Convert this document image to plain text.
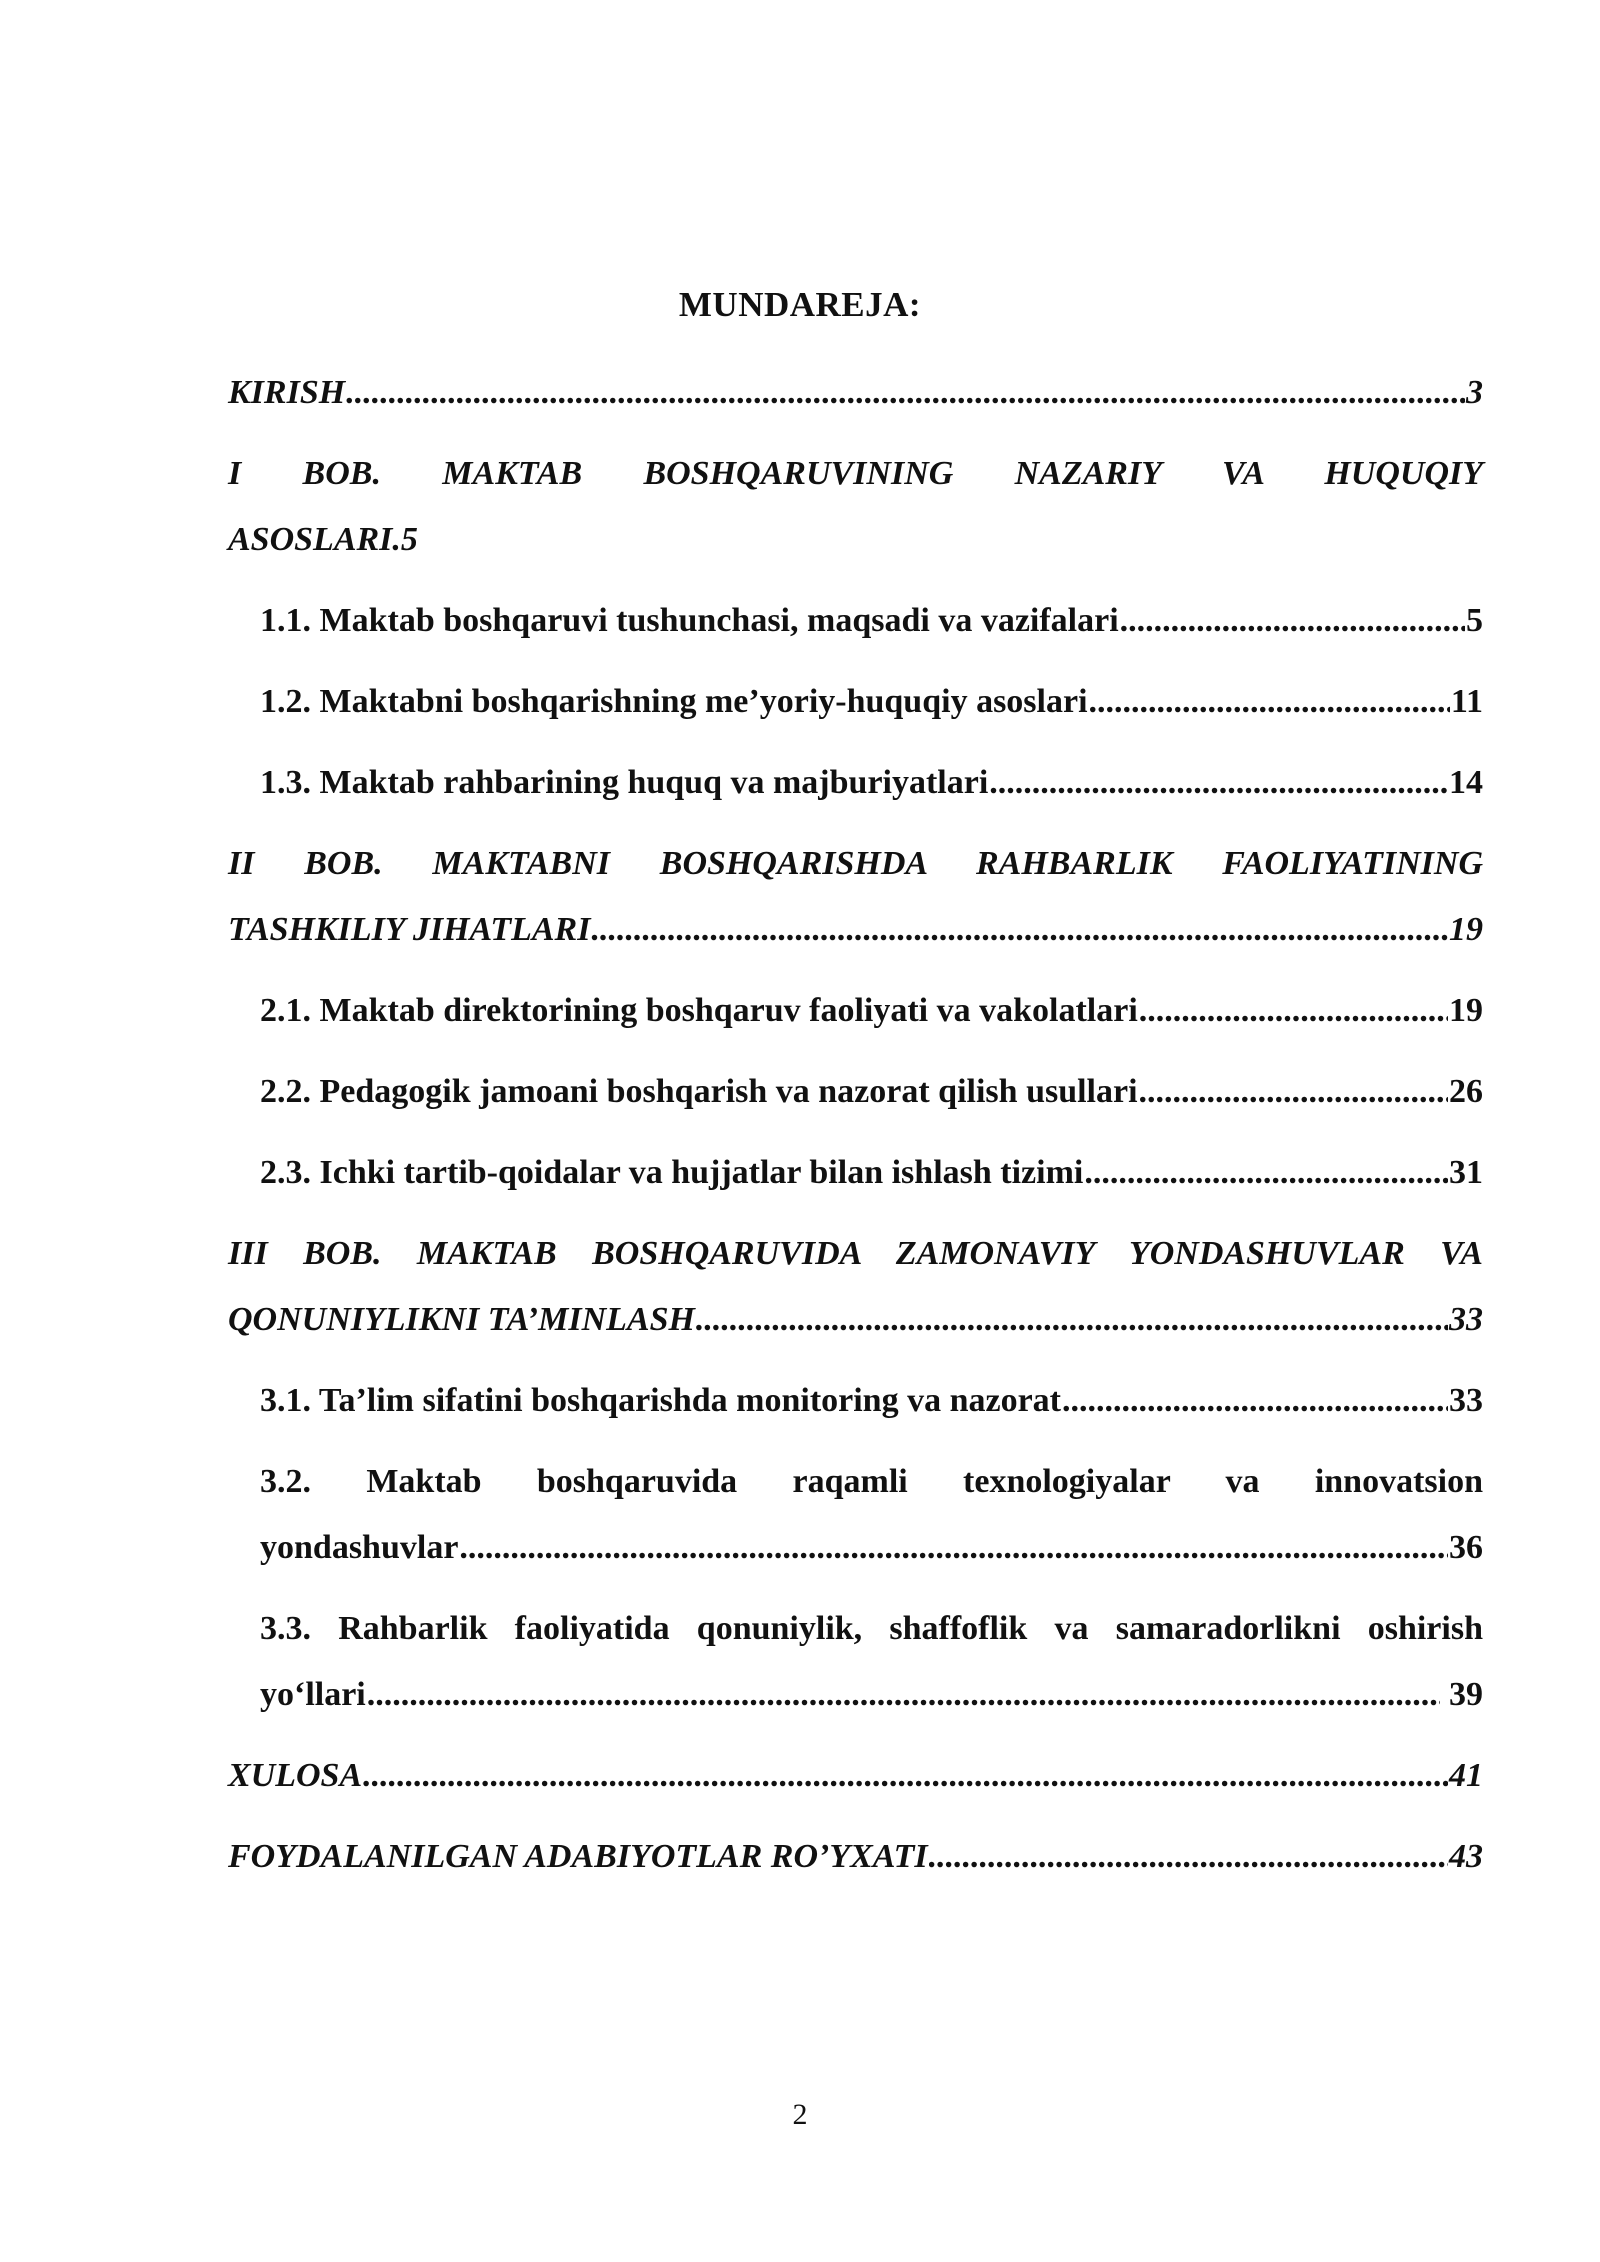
MUNDAREJA:
KIRISH .....	3
I BOB. MAKTAB BOSHQARUVINING NAZARIY VA HUQUQIY
ASOSLARI.5
1.1. Maktab boshqaruvi tushunchasi, maqsadi va vazifalari .....	5
1.2. Maktabni boshqarishning me’yoriy-huquqiy asoslari .....	11
1.3. Maktab rahbarining huquq va majburiyatlari .....	14
II BOB. MAKTABNI BOSHQARISHDA RAHBARLIK FAOLIYATINING
TASHKILIY JIHATLARI .....	19
2.1. Maktab direktorining boshqaruv faoliyati va vakolatlari .....	19
2.2. Pedagogik jamoani boshqarish va nazorat qilish usullari .....	26
2.3. Ichki tartib-qoidalar va hujjatlar bilan ishlash tizimi .....	31
III BOB. MAKTAB BOSHQARUVIDA ZAMONAVIY YONDASHUVLAR VA
QONUNIYLIKNI TA’MINLASH .....	33
3.1. Ta’lim sifatini boshqarishda monitoring va nazorat .....	33
3.2. Maktab boshqaruvida raqamli texnologiyalar va innovatsion
yondashuvlar .....	36
3.3. Rahbarlik faoliyatida qonuniylik, shaffoflik va samaradorlikni oshirish
yo‘llari .....	39
XULOSA .....	41
FOYDALANILGAN ADABIYOTLAR RO’YXATI .....	43
2
